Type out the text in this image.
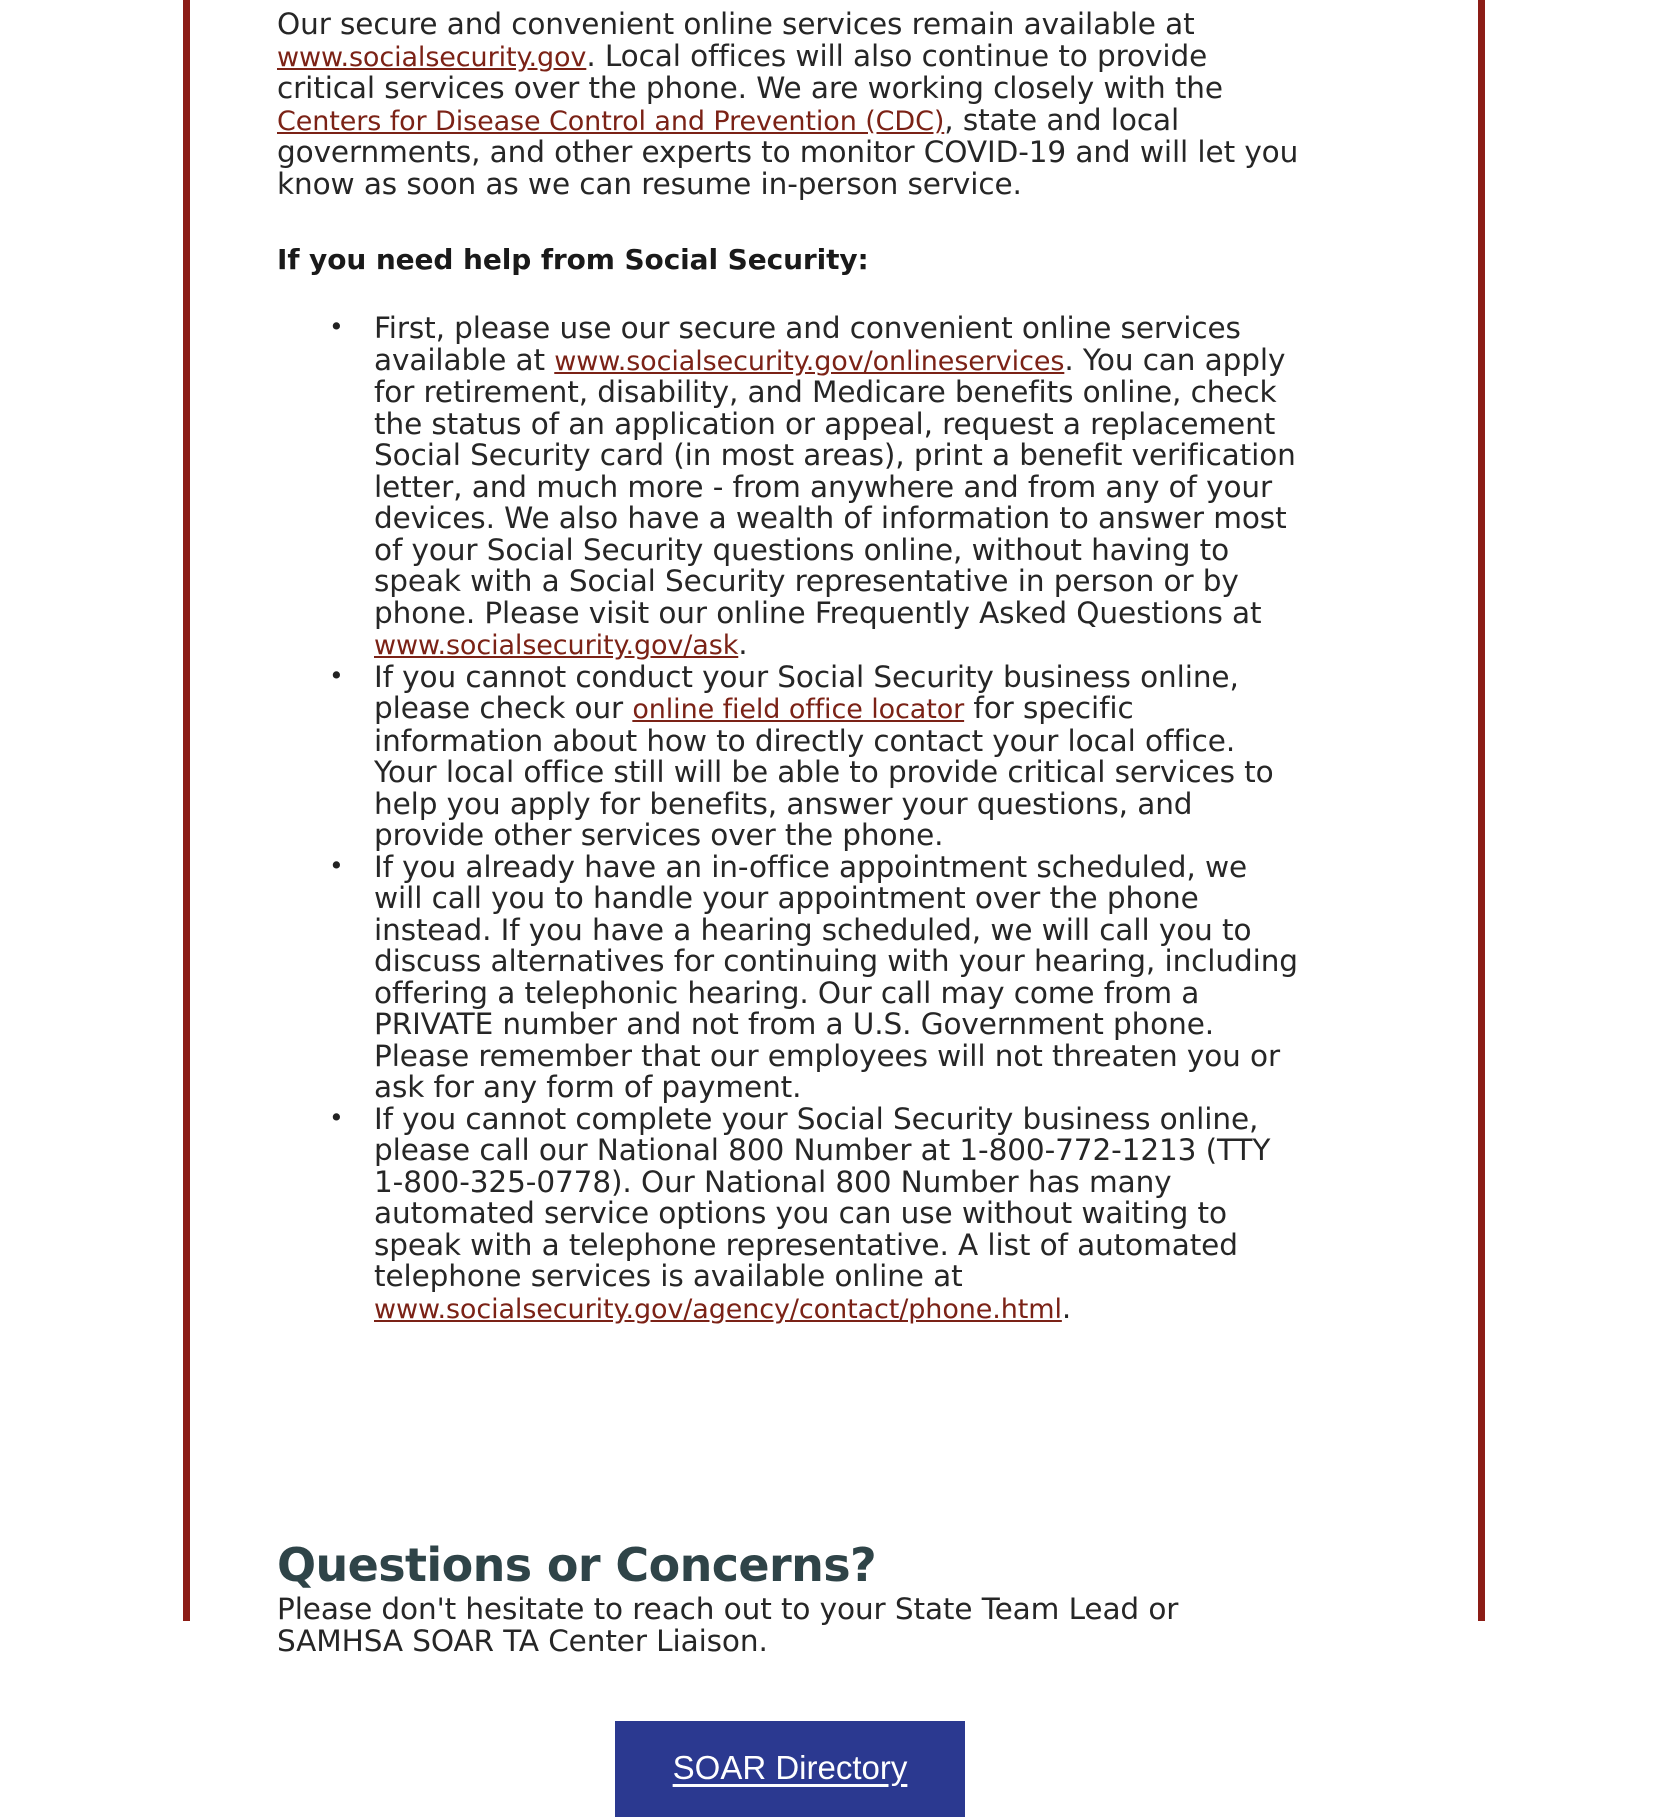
Our secure and convenient online services remain available at www.socialsecurity.gov. Local offices will also continue to provide critical services over the phone. We are working closely with the Centers for Disease Control and Prevention (CDC), state and local governments, and other experts to monitor COVID-19 and will let you know as soon as we can resume in-person service.

If you need help from Social Security:

• First, please use our secure and convenient online services available at www.socialsecurity.gov/onlineservices. You can apply for retirement, disability, and Medicare benefits online, check the status of an application or appeal, request a replacement Social Security card (in most areas), print a benefit verification letter, and much more - from anywhere and from any of your devices. We also have a wealth of information to answer most of your Social Security questions online, without having to speak with a Social Security representative in person or by phone. Please visit our online Frequently Asked Questions at www.socialsecurity.gov/ask.
• If you cannot conduct your Social Security business online, please check our online field office locator for specific information about how to directly contact your local office. Your local office still will be able to provide critical services to help you apply for benefits, answer your questions, and provide other services over the phone.
• If you already have an in-office appointment scheduled, we will call you to handle your appointment over the phone instead. If you have a hearing scheduled, we will call you to discuss alternatives for continuing with your hearing, including offering a telephonic hearing. Our call may come from a PRIVATE number and not from a U.S. Government phone. Please remember that our employees will not threaten you or ask for any form of payment.
• If you cannot complete your Social Security business online, please call our National 800 Number at 1-800-772-1213 (TTY 1-800-325-0778). Our National 800 Number has many automated service options you can use without waiting to speak with a telephone representative. A list of automated telephone services is available online at www.socialsecurity.gov/agency/contact/phone.html.
Questions or Concerns?

Please don't hesitate to reach out to your State Team Lead or SAMHSA SOAR TA Center Liaison.

SOAR Directory
